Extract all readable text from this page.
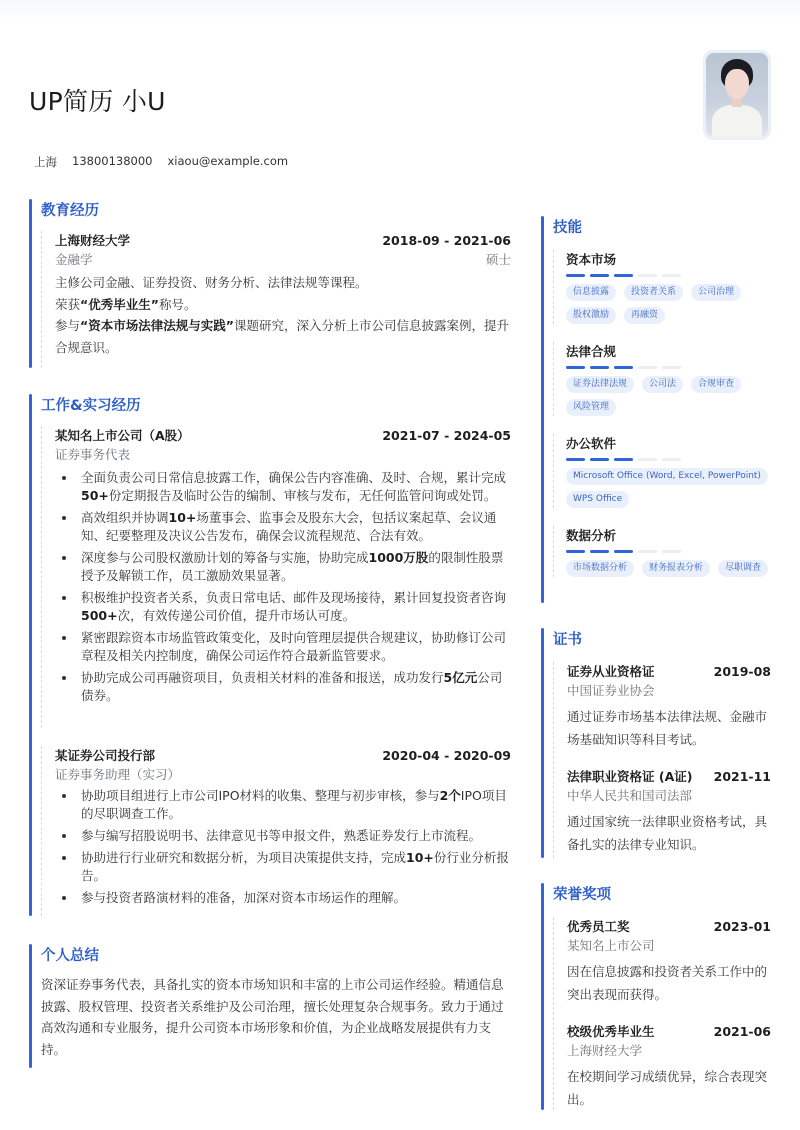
UP简历 小U
上海 13800138000 xiaou@example.com
教育经历
上海财经大学	2018-09 - 2021-06
金融学	硕士
主修公司金融、证券投资、财务分析、法律法规等课程。
荣获“优秀毕业生”称号。
参与“资本市场法律法规与实践”课题研究，深入分析上市公司信息披露案例，提升合规意识。
工作&实习经历
某知名上市公司（A股）	2021-07 - 2024-05
证券事务代表
全面负责公司日常信息披露工作，确保公告内容准确、及时、合规，累计完成50+份定期报告及临时公告的编制、审核与发布，无任何监管问询或处罚。
高效组织并协调10+场董事会、监事会及股东大会，包括议案起草、会议通知、纪要整理及决议公告发布，确保会议流程规范、合法有效。
深度参与公司股权激励计划的筹备与实施，协助完成1000万股的限制性股票授予及解锁工作，员工激励效果显著。
积极维护投资者关系，负责日常电话、邮件及现场接待，累计回复投资者咨询500+次，有效传递公司价值，提升市场认可度。
紧密跟踪资本市场监管政策变化，及时向管理层提供合规建议，协助修订公司章程及相关内控制度，确保公司运作符合最新监管要求。
协助完成公司再融资项目，负责相关材料的准备和报送，成功发行5亿元公司债券。
某证券公司投行部	2020-04 - 2020-09
证券事务助理（实习）
协助项目组进行上市公司IPO材料的收集、整理与初步审核，参与2个IPO项目的尽职调查工作。
参与编写招股说明书、法律意见书等申报文件，熟悉证券发行上市流程。
协助进行行业研究和数据分析，为项目决策提供支持，完成10+份行业分析报告。
参与投资者路演材料的准备，加深对资本市场运作的理解。
个人总结
资深证券事务代表，具备扎实的资本市场知识和丰富的上市公司运作经验。精通信息披露、股权管理、投资者关系维护及公司治理，擅长处理复杂合规事务。致力于通过高效沟通和专业服务，提升公司资本市场形象和价值，为企业战略发展提供有力支持。
技能
资本市场
信息披露	投资者关系	公司治理
股权激励	再融资
法律合规
证券法律法规	公司法	合规审查
风险管理
办公软件
Microsoft Office (Word, Excel, PowerPoint)
WPS Office
数据分析
市场数据分析	财务报表分析	尽职调查
证书
证券从业资格证	2019-08
中国证券业协会
通过证券市场基本法律法规、金融市场基础知识等科目考试。
法律职业资格证 (A证) 2021-11
中华人民共和国司法部
通过国家统一法律职业资格考试，具备扎实的法律专业知识。
荣誉奖项
优秀员工奖	2023-01
某知名上市公司
因在信息披露和投资者关系工作中的突出表现而获得。
校级优秀毕业生	2021-06
上海财经大学
在校期间学习成绩优异，综合表现突出。
